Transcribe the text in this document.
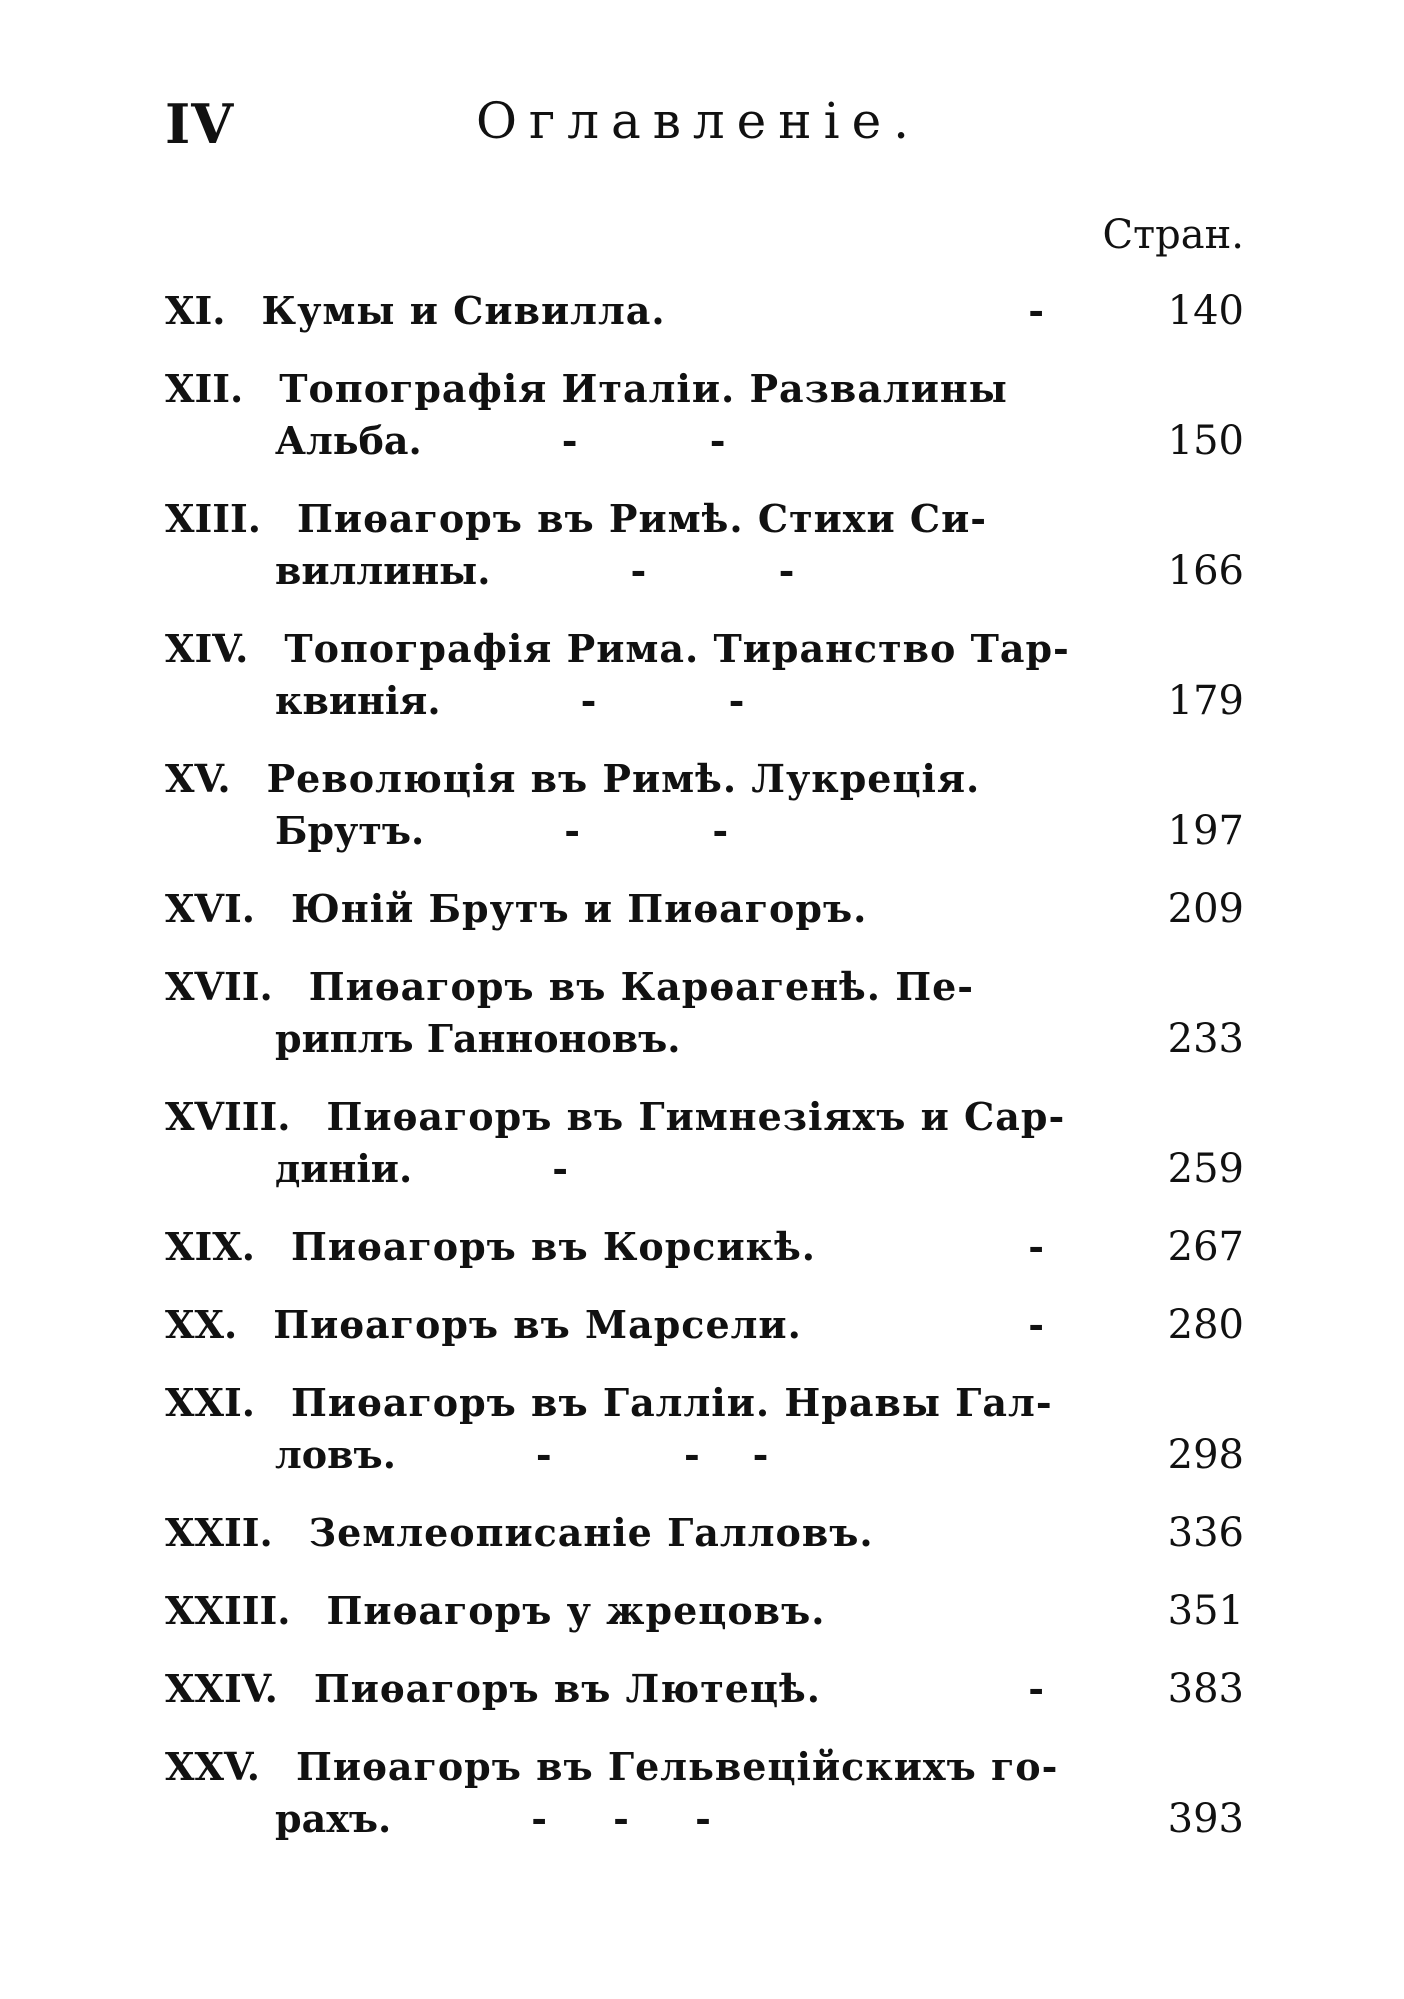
IV	Оглавленіе.
Стран.
XI. Кумы и Сивилла.	-	140
XII. Топографія Италіи. Развалины
Альба.	-          -	150
XIII. Пиѳагоръ въ Римѣ. Стихи Си-
виллины.	-          -	166
XIV. Топографія Рима. Тиранство Тар-
квинія.	-          -	179
XV. Революція въ Римѣ. Лукреція.
Брутъ.	-          -	197
XVI. Юній Брутъ и Пиѳагоръ.	209
XVII. Пиѳагоръ въ Карѳагенѣ. Пе-
риплъ Ганноновъ.	233
XVIII. Пиѳагоръ въ Гимнезіяхъ и Сар-
диніи.	-	259
XIX. Пиѳагоръ въ Корсикѣ.	-	267
XX. Пиѳагоръ въ Марсели.	-	280
XXI. Пиѳагоръ въ Галліи. Нравы Гал-
ловъ.	-          -    -	298
XXII. Землеописаніе Галловъ.	336
XXIII. Пиѳагоръ у жрецовъ.	351
XXIV. Пиѳагоръ въ Лютецѣ.	-	383
XXV. Пиѳагоръ въ Гельвеційскихъ го-
рахъ.	-     -     -	393
